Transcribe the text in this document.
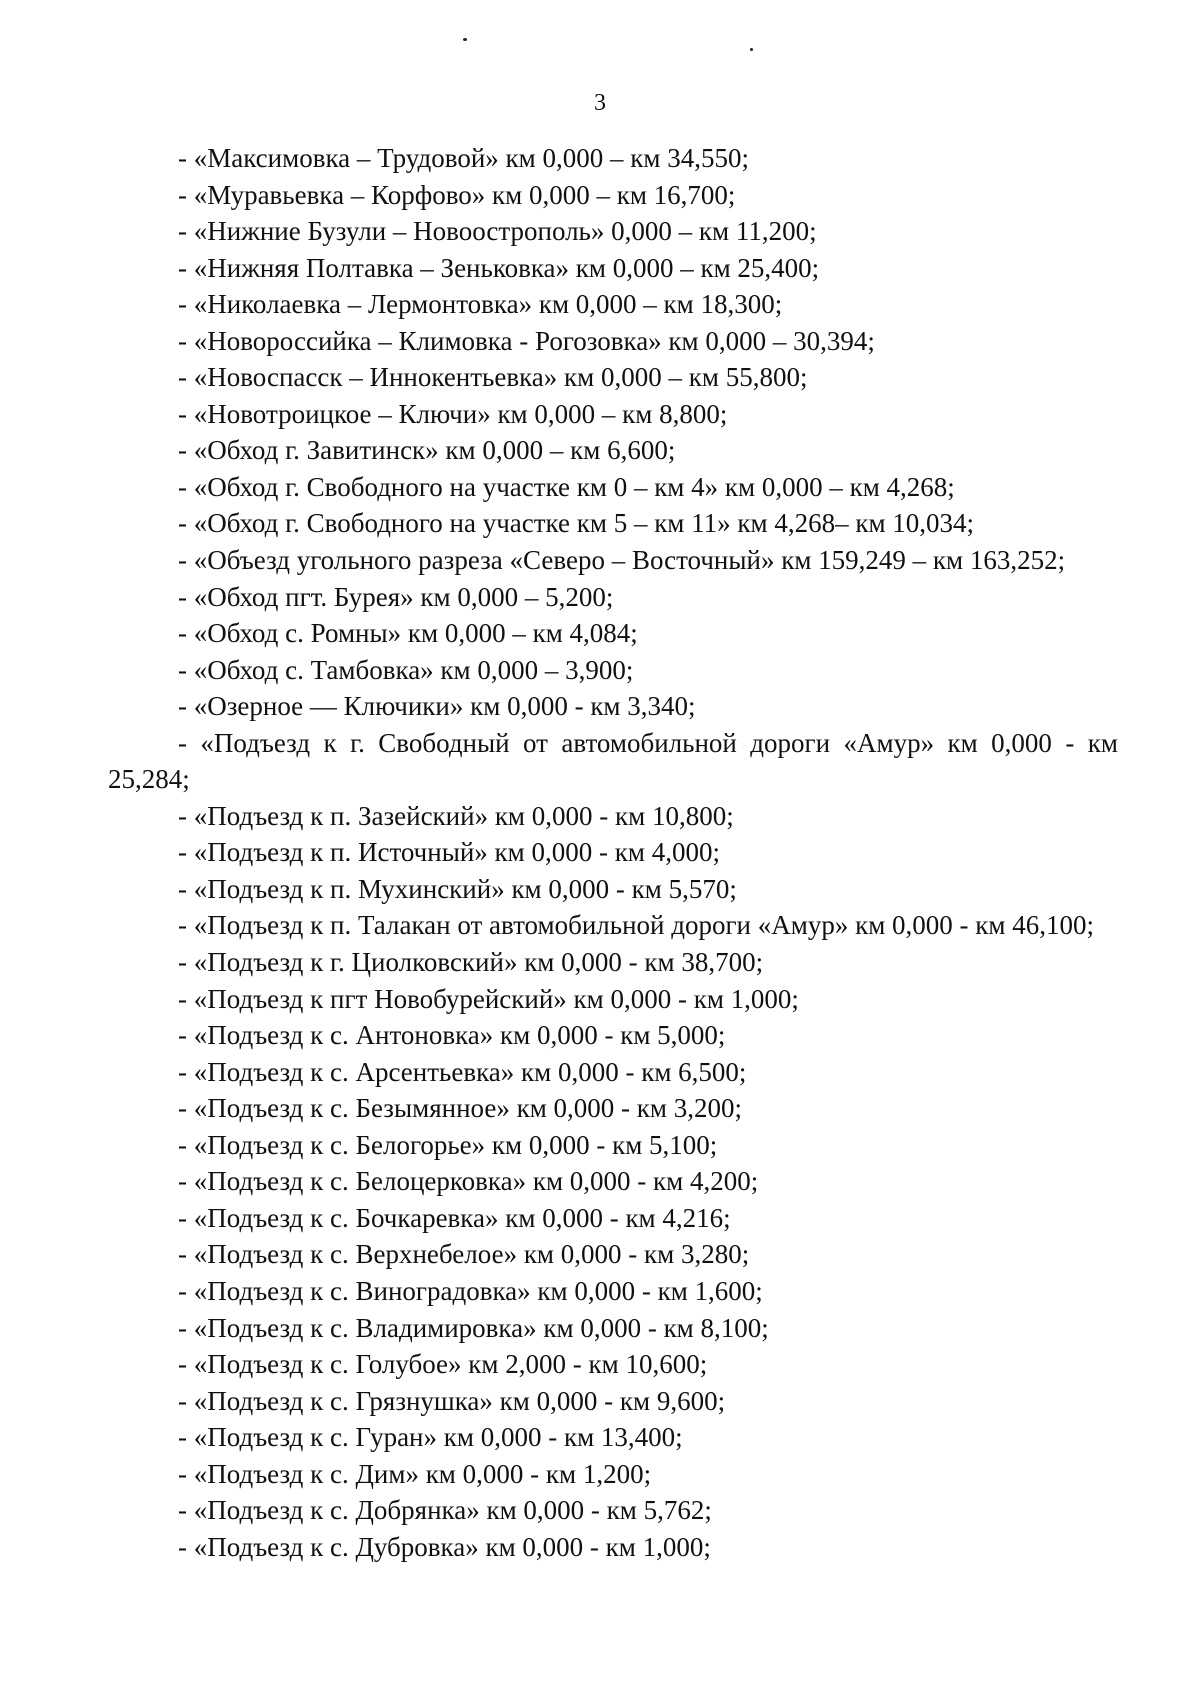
3
- «Максимовка – Трудовой» км 0,000 – км 34,550;
- «Муравьевка – Корфово» км 0,000 – км 16,700;
- «Нижние Бузули – Новоострополь» 0,000 – км 11,200;
- «Нижняя Полтавка – Зеньковка» км 0,000 – км 25,400;
- «Николаевка – Лермонтовка» км 0,000 – км 18,300;
- «Новороссийка – Климовка - Рогозовка» км 0,000 – 30,394;
- «Новоспасск – Иннокентьевка» км 0,000 – км 55,800;
- «Новотроицкое – Ключи» км 0,000 – км 8,800;
- «Обход г. Завитинск» км 0,000 – км 6,600;
- «Обход г. Свободного на участке км 0 – км 4» км 0,000 – км 4,268;
- «Обход г. Свободного на участке км 5 – км 11» км 4,268– км 10,034;
- «Объезд угольного разреза «Северо – Восточный» км 159,249 – км 163,252;
- «Обход пгт. Бурея» км 0,000 – 5,200;
- «Обход с. Ромны» км 0,000 – км 4,084;
- «Обход с. Тамбовка» км 0,000 – 3,900;
- «Озерное — Ключики» км 0,000 - км 3,340;
- «Подъезд к г. Свободный от автомобильной дороги «Амур» км 0,000 - км 25,284;
- «Подъезд к п. Зазейский» км 0,000 - км 10,800;
- «Подъезд к п. Источный» км 0,000 - км 4,000;
- «Подъезд к п. Мухинский» км 0,000 - км 5,570;
- «Подъезд к п. Талакан от автомобильной дороги «Амур» км 0,000 - км 46,100;
- «Подъезд к г. Циолковский» км 0,000 - км 38,700;
- «Подъезд к пгт Новобурейский» км 0,000 - км 1,000;
- «Подъезд к с. Антоновка» км 0,000 - км 5,000;
- «Подъезд к с. Арсентьевка» км 0,000 - км 6,500;
- «Подъезд к с. Безымянное» км 0,000 - км 3,200;
- «Подъезд к с. Белогорье» км 0,000 - км 5,100;
- «Подъезд к с. Белоцерковка» км 0,000 - км 4,200;
- «Подъезд к с. Бочкаревка» км 0,000 - км 4,216;
- «Подъезд к с. Верхнебелое» км 0,000 - км 3,280;
- «Подъезд к с. Виноградовка» км 0,000 - км 1,600;
- «Подъезд к с. Владимировка» км 0,000 - км 8,100;
- «Подъезд к с. Голубое» км 2,000 - км 10,600;
- «Подъезд к с. Грязнушка» км 0,000 - км 9,600;
- «Подъезд к с. Гуран» км 0,000 - км 13,400;
- «Подъезд к с. Дим» км 0,000 - км 1,200;
- «Подъезд к с. Добрянка» км 0,000 - км 5,762;
- «Подъезд к с. Дубровка» км 0,000 - км 1,000;
